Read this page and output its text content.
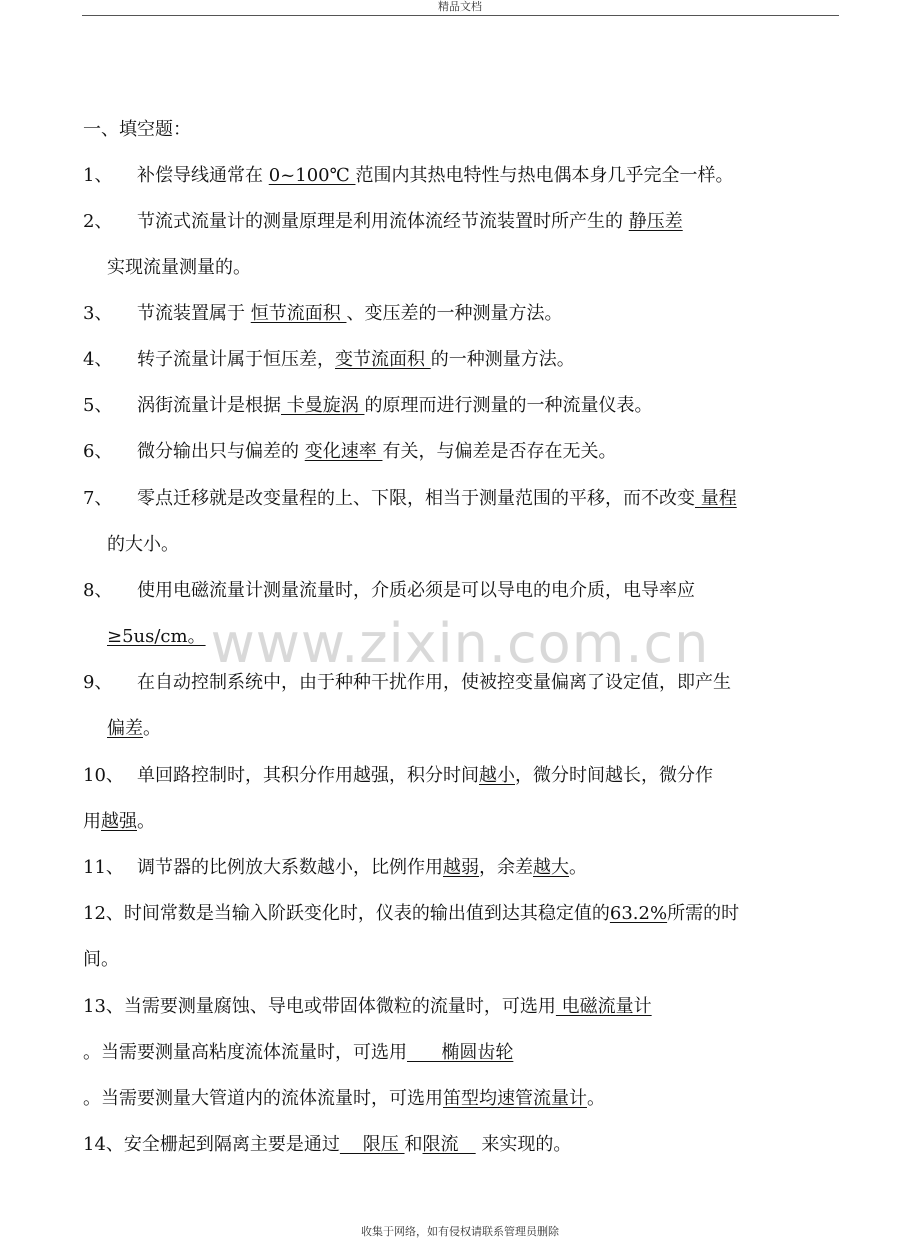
精品文档
www.zixin.com.cn
一、填空题：
1、 补偿导线通常在 0~100℃ 范围内其热电特性与热电偶本身几乎完全一样。
2、 节流式流量计的测量原理是利用流体流经节流装置时所产生的 静压差
实现流量测量的。
3、 节流装置属于 恒节流面积 、变压差的一种测量方法。
4、 转子流量计属于恒压差，变节流面积 的一种测量方法。
5、 涡街流量计是根据 卡曼旋涡 的原理而进行测量的一种流量仪表。
6、 微分输出只与偏差的 变化速率 有关，与偏差是否存在无关。
7、 零点迁移就是改变量程的上、下限，相当于测量范围的平移，而不改变 量程
的大小。
8、 使用电磁流量计测量流量时，介质必须是可以导电的电介质，电导率应
≥5us/cm。
9、 在自动控制系统中，由于种种干扰作用，使被控变量偏离了设定值，即产生
偏差。
10、 单回路控制时，其积分作用越强，积分时间越小，微分时间越长，微分作
用越强。
11、 调节器的比例放大系数越小，比例作用越弱，余差越大。
12、时间常数是当输入阶跃变化时，仪表的输出值到达其稳定值的63.2%所需的时
间。
13、当需要测量腐蚀、导电或带固体微粒的流量时，可选用 电磁流量计
。当需要测量高粘度流体流量时，可选用      椭圆齿轮
。当需要测量大管道内的流体流量时，可选用笛型均速管流量计。
14、安全栅起到隔离主要是通过    限压 和限流    来实现的。
收集于网络，如有侵权请联系管理员删除
